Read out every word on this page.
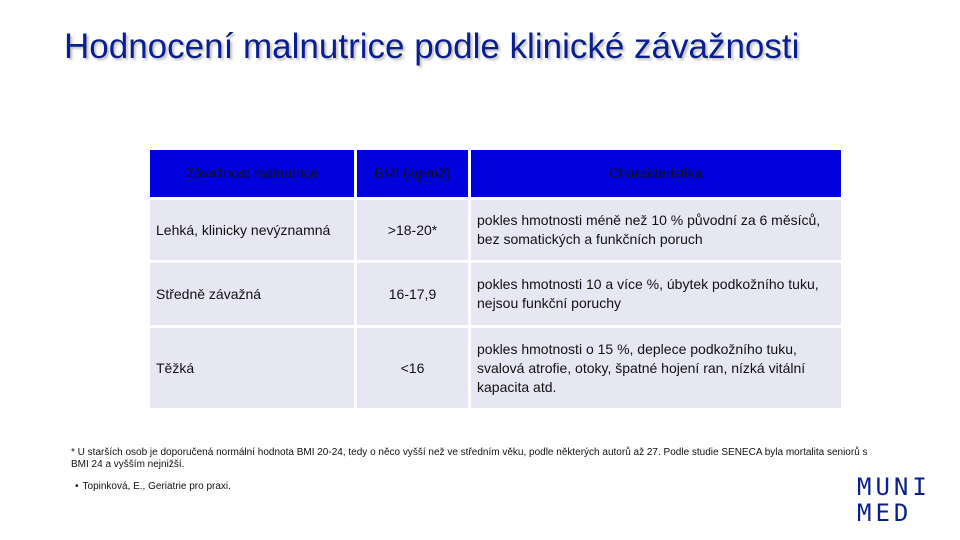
Hodnocení malnutrice podle klinické závažnosti
Závažnost malnutrice	BMI (kg/m2)	Charakteristika
Lehká, klinicky nevýznamná	>18-20*	pokles hmotnosti méně než 10 % původní za 6 měsíců,
bez somatických a funkčních poruch

Středně závažná	16-17,9	pokles hmotnosti 10 a více %, úbytek podkožního tuku,
nejsou funkční poruchy

Těžká	<16	pokles hmotnosti o 15 %, deplece podkožního tuku,
svalová atrofie, otoky, špatné hojení ran, nízká vitální kapacita atd.
* U starších osob je doporučená normální hodnota BMI 20-24, tedy o něco vyšší než ve středním věku, podle některých autorů až 27. Podle studie SENECA byla mortalita seniorů s BMI 24 a vyšším nejnižší.
• Topinková, E., Geriatrie pro praxi.	MUNI
MED
